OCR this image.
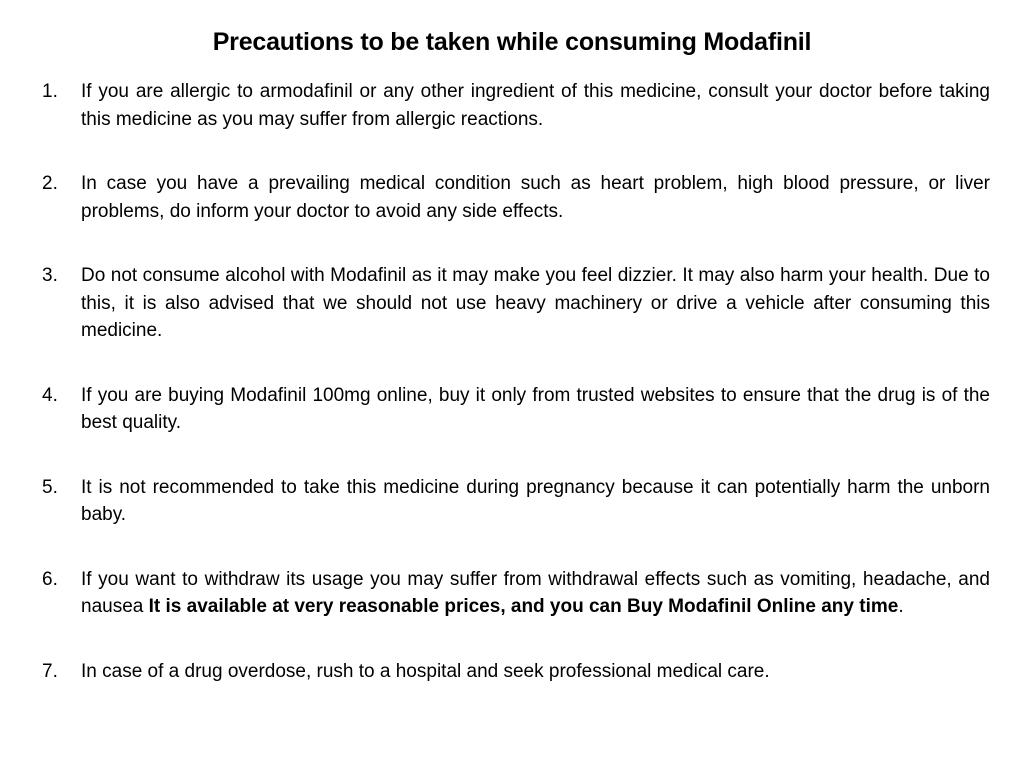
Precautions to be taken while consuming Modafinil
1. If you are allergic to armodafinil or any other ingredient of this medicine, consult your doctor before taking this medicine as you may suffer from allergic reactions.
2. In case you have a prevailing medical condition such as heart problem, high blood pressure, or liver problems, do inform your doctor to avoid any side effects.
3. Do not consume alcohol with Modafinil as it may make you feel dizzier. It may also harm your health. Due to this, it is also advised that we should not use heavy machinery or drive a vehicle after consuming this medicine.
4. If you are buying Modafinil 100mg online, buy it only from trusted websites to ensure that the drug is of the best quality.
5. It is not recommended to take this medicine during pregnancy because it can potentially harm the unborn baby.
6. If you want to withdraw its usage you may suffer from withdrawal effects such as vomiting, headache, and nausea It is available at very reasonable prices, and you can Buy Modafinil Online any time.
7. In case of a drug overdose, rush to a hospital and seek professional medical care.
